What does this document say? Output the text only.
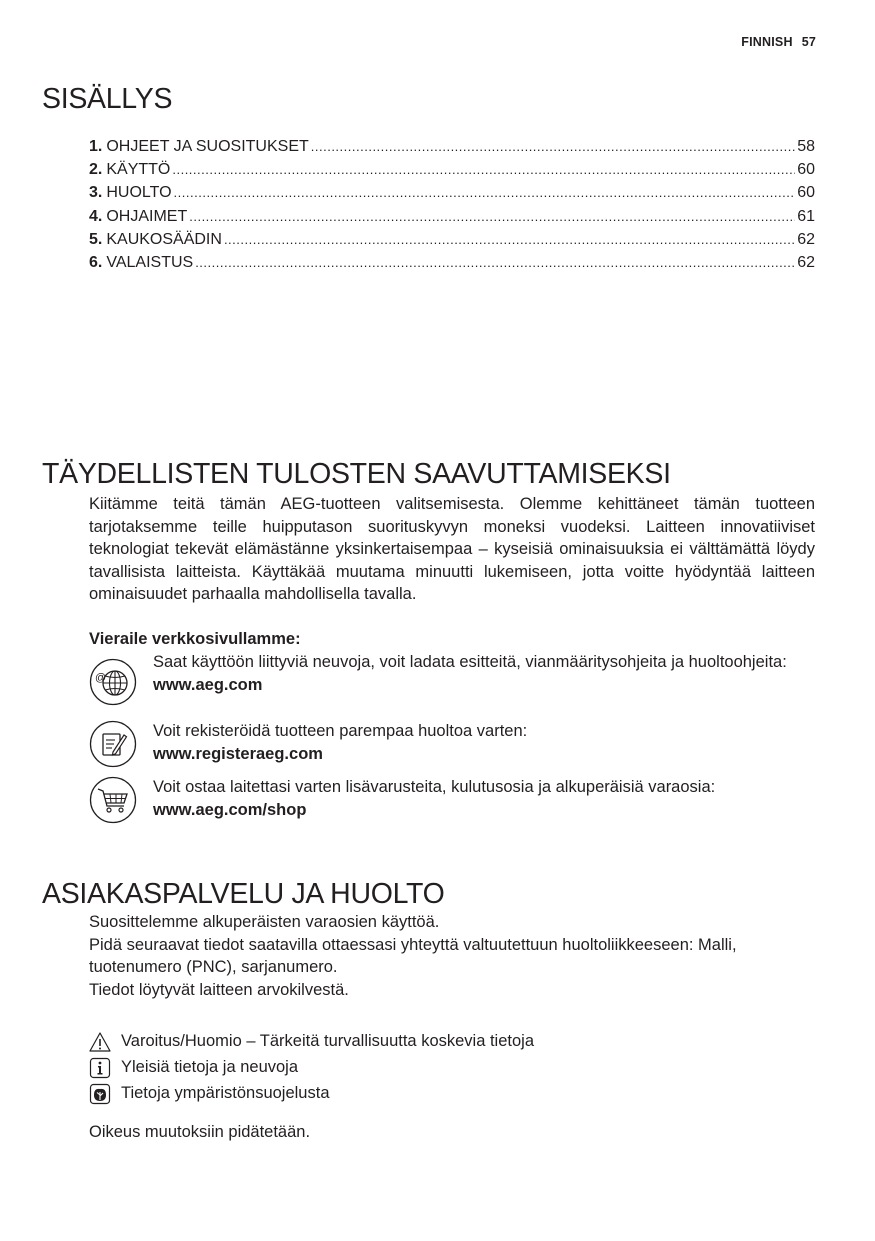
FINNISH 57
SISÄLLYS
1. OHJEET JA SUOSITUKSET .....	58
2. KÄYTTÖ .....	60
3. HUOLTO .....	60
4. OHJAIMET .....	61
5. KAUKOSÄÄDIN .....	62
6. VALAISTUS .....	62
TÄYDELLISTEN TULOSTEN SAAVUTTAMISEKSI

Kiitämme teitä tämän AEG-tuotteen valitsemisesta. Olemme kehittäneet tämän tuotteen tarjotaksemme teille huipputason suorituskyvyn moneksi vuodeksi. Laitteen innovatiiviset teknologiat tekevät elämästänne yksinkertaisempaa – kyseisiä ominaisuuksia ei välttämättä löydy tavallisista laitteista. Käyttäkää muutama minuutti lukemiseen, jotta voitte hyödyntää laitteen ominaisuudet parhaalla mahdollisella tavalla.

Vieraile verkkosivullamme:

@

Saat käyttöön liittyviä neuvoja, voit ladata esitteitä, vianmääritysohjeita ja huoltoohjeita:
www.aeg.com

Voit rekisteröidä tuotteen parempaa huoltoa varten:
www.registeraeg.com

Voit ostaa laitettasi varten lisävarusteita, kulutusosia ja alkuperäisiä varaosia:
www.aeg.com/shop

ASIAKASPALVELU JA HUOLTO
Suosittelemme alkuperäisten varaosien käyttöä.
Pidä seuraavat tiedot saatavilla ottaessasi yhteyttä valtuutettuun huoltoliikkeeseen: Malli, tuotenumero (PNC), sarjanumero.
Tiedot löytyvät laitteen arvokilvestä.
Varoitus/Huomio – Tärkeitä turvallisuutta koskevia tietoja
Yleisiä tietoja ja neuvoja
Tietoja ympäristönsuojelusta

Oikeus muutoksiin pidätetään.
